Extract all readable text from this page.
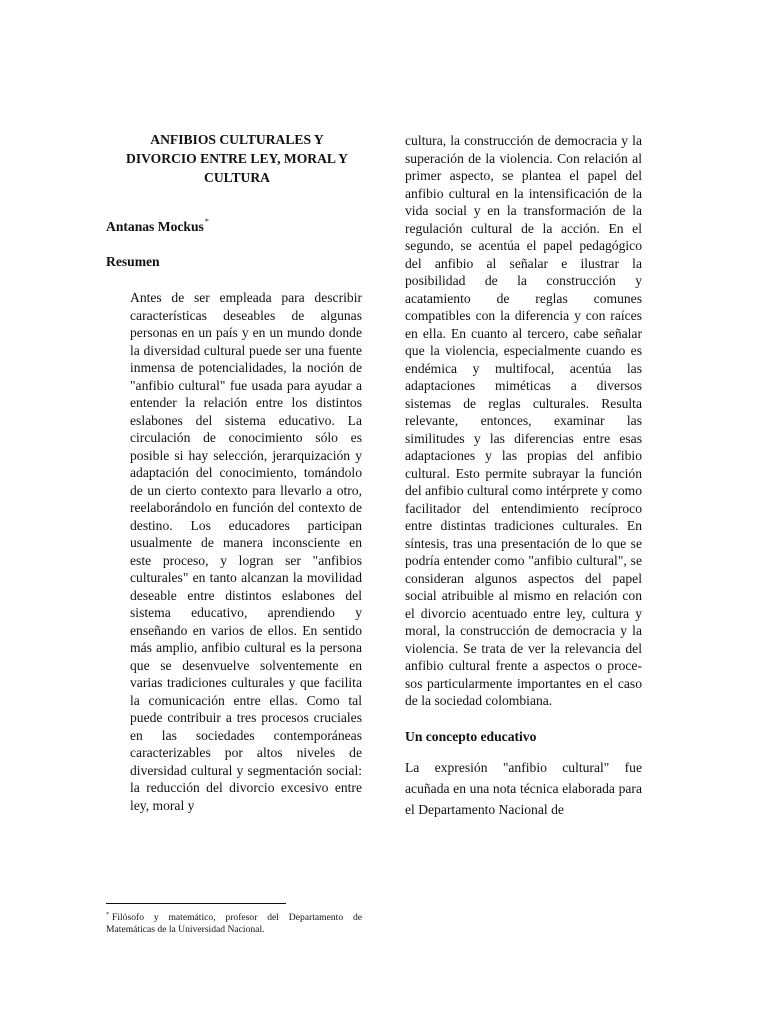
ANFIBIOS CULTURALES Y
DIVORCIO ENTRE LEY, MORAL Y
CULTURA

Antanas Mockus*
Resumen

Antes de ser empleada para describir características deseables de algunas personas en un país y en un mundo donde la diversidad cultural puede ser una fuente inmensa de potencialidades, la noción de "anfibio cultural" fue usada para ayudar a entender la relación entre los distintos eslabones del sistema educativo. La circulación de conocimiento sólo es posible si hay selección, jerarquización y adaptación del conocimiento, tomándolo de un cierto contexto para llevarlo a otro, reelaborándolo en función del contexto de destino. Los educadores participan usualmente de manera inconsciente en este proceso, y logran ser "anfibios culturales" en tanto alcanzan la movilidad deseable entre distintos eslabones del sistema educativo, aprendiendo y enseñando en varios de ellos. En sentido más amplio, anfibio cultural es la persona que se desenvuelve solventemente en varias tradiciones culturales y que facilita la comunicación entre ellas. Como tal puede contribuir a tres procesos cruciales en las sociedades contemporáneas caracterizables por altos niveles de diversidad cultural y segmentación social: la reducción del divorcio excesivo entre ley, moral y

* Filósofo y matemático, profesor del Departamento de Matemáticas de la Universidad Nacional.

cultura, la construcción de democracia y la superación de la violencia. Con relación al primer aspecto, se plantea el papel del anfibio cultural en la intensificación de la vida social y en la transformación de la regulación cultural de la acción. En el segundo, se acentúa el papel pedagógico del anfibio al señalar e ilustrar la posibilidad de la construcción y acatamiento de reglas comunes compatibles con la diferencia y con raíces en ella. En cuanto al tercero, cabe señalar que la violencia, especialmente cuando es endémica y multifocal, acentúa las adaptaciones miméticas a diversos sistemas de reglas culturales. Resulta relevante, entonces, examinar las similitudes y las diferencias entre esas adaptaciones y las propias del anfibio cultural. Esto permite subrayar la función del anfibio cultural como intérprete y como facilitador del entendimiento recíproco entre distintas tradiciones culturales. En síntesis, tras una presentación de lo que se podría entender como "anfibio cultural", se consideran algunos aspectos del papel social atribuible al mismo en relación con el divorcio acentuado entre ley, cultura y moral, la construcción de democracia y la violencia. Se trata de ver la relevancia del anfibio cultural frente a aspectos o procesos particularmente importantes en el caso de la sociedad colombiana.

Un concepto educativo

La expresión "anfibio cultural" fue acuñada en una nota técnica elaborada para el Departamento Nacional de
